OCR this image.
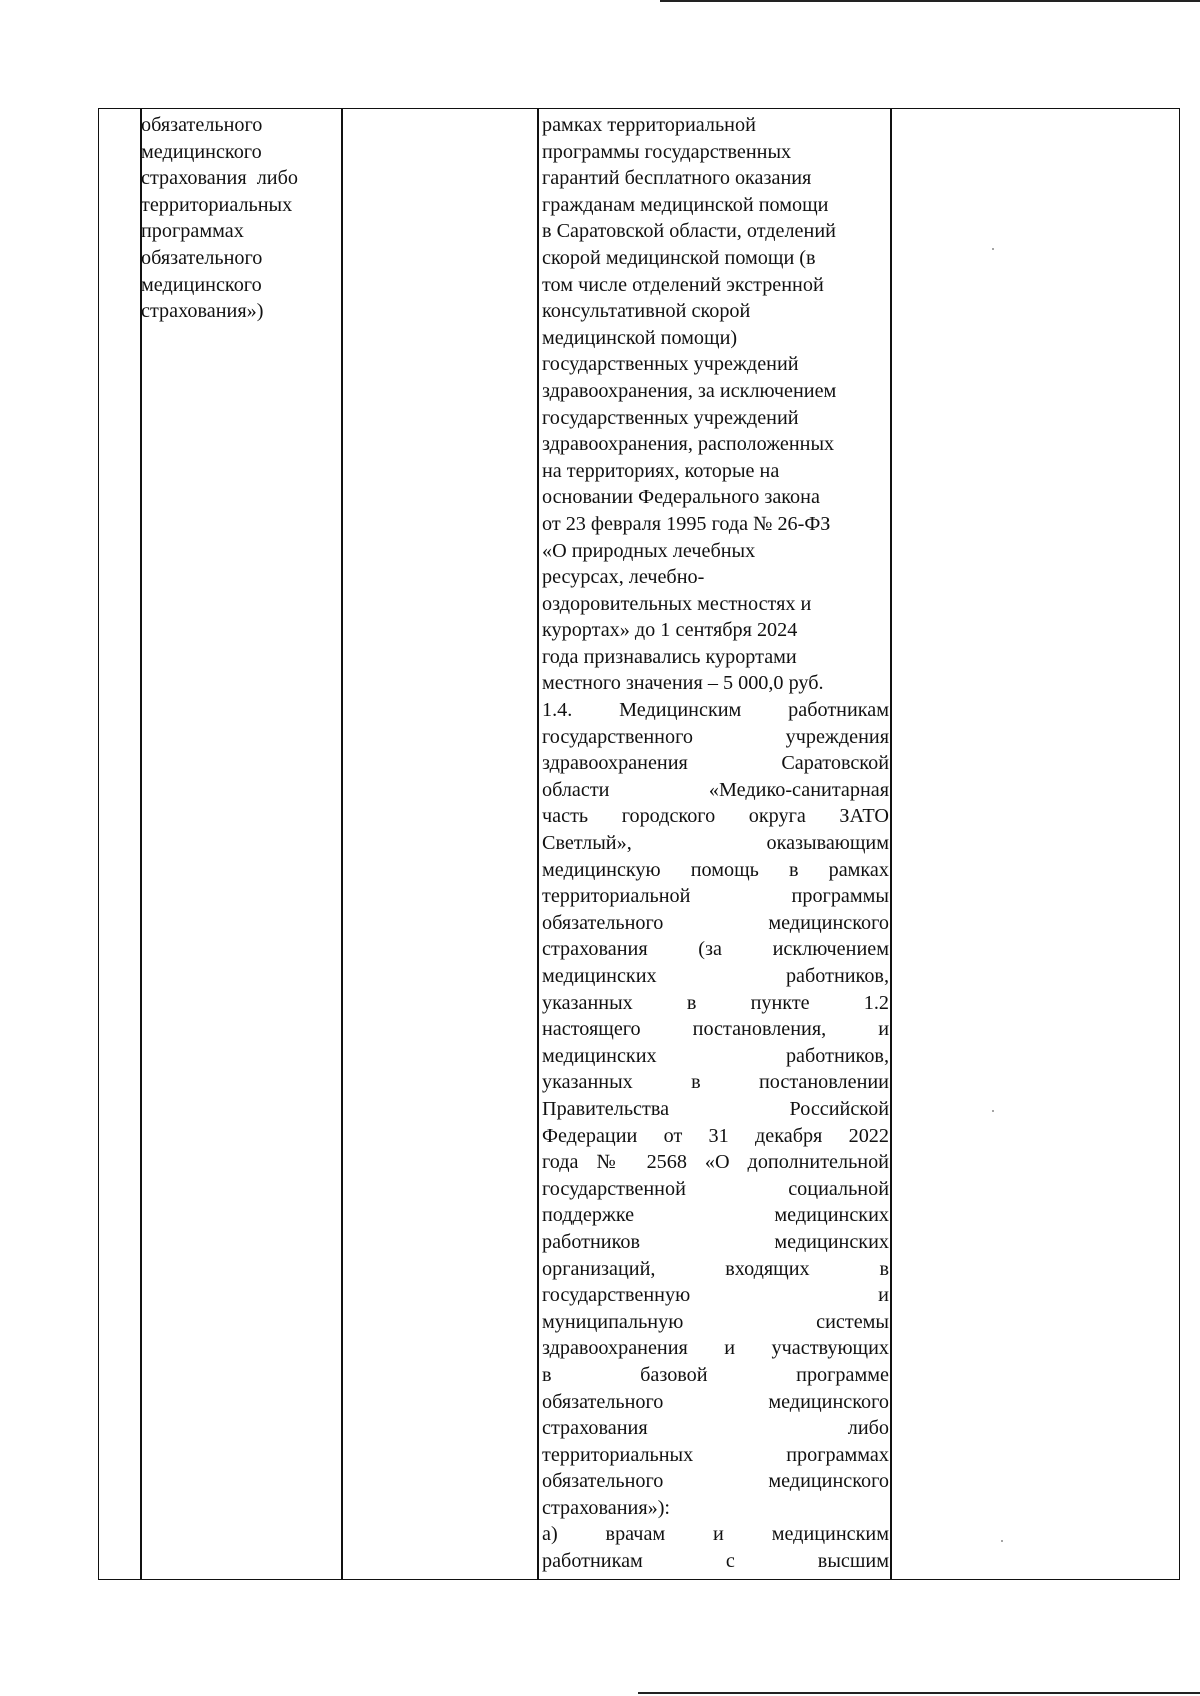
обязательного
медицинского
страхования  либо
территориальных
программах
обязательного
медицинского
страхования»)
рамках территориальной
программы государственных
гарантий бесплатного оказания
гражданам медицинской помощи
в Саратовской области, отделений
скорой медицинской помощи (в
том числе отделений экстренной
консультативной скорой
медицинской помощи)
государственных учреждений
здравоохранения, за исключением
государственных учреждений
здравоохранения, расположенных
на территориях, которые на
основании Федерального закона
от 23 февраля 1995 года № 26-ФЗ
«О природных лечебных
ресурсах, лечебно-
оздоровительных местностях и
курортах» до 1 сентября 2024
года признавались курортами
местного значения – 5 000,0 руб.
1.4. Медицинским работникам
государственного учреждения
здравоохранения Саратовской
области «Медико-санитарная
часть городского округа ЗАТО
Светлый», оказывающим
медицинскую помощь в рамках
территориальной программы
обязательного медицинского
страхования (за исключением
медицинских работников,
указанных в пункте 1.2
настоящего постановления, и
медицинских работников,
указанных в постановлении
Правительства Российской
Федерации от 31 декабря 2022
года № 2568 «О дополнительной
государственной социальной
поддержке медицинских
работников медицинских
организаций, входящих в
государственную и
муниципальную системы
здравоохранения и участвующих
в базовой программе
обязательного медицинского
страхования либо
территориальных программах
обязательного медицинского
страхования»):
а) врачам и медицинским
работникам с высшим
